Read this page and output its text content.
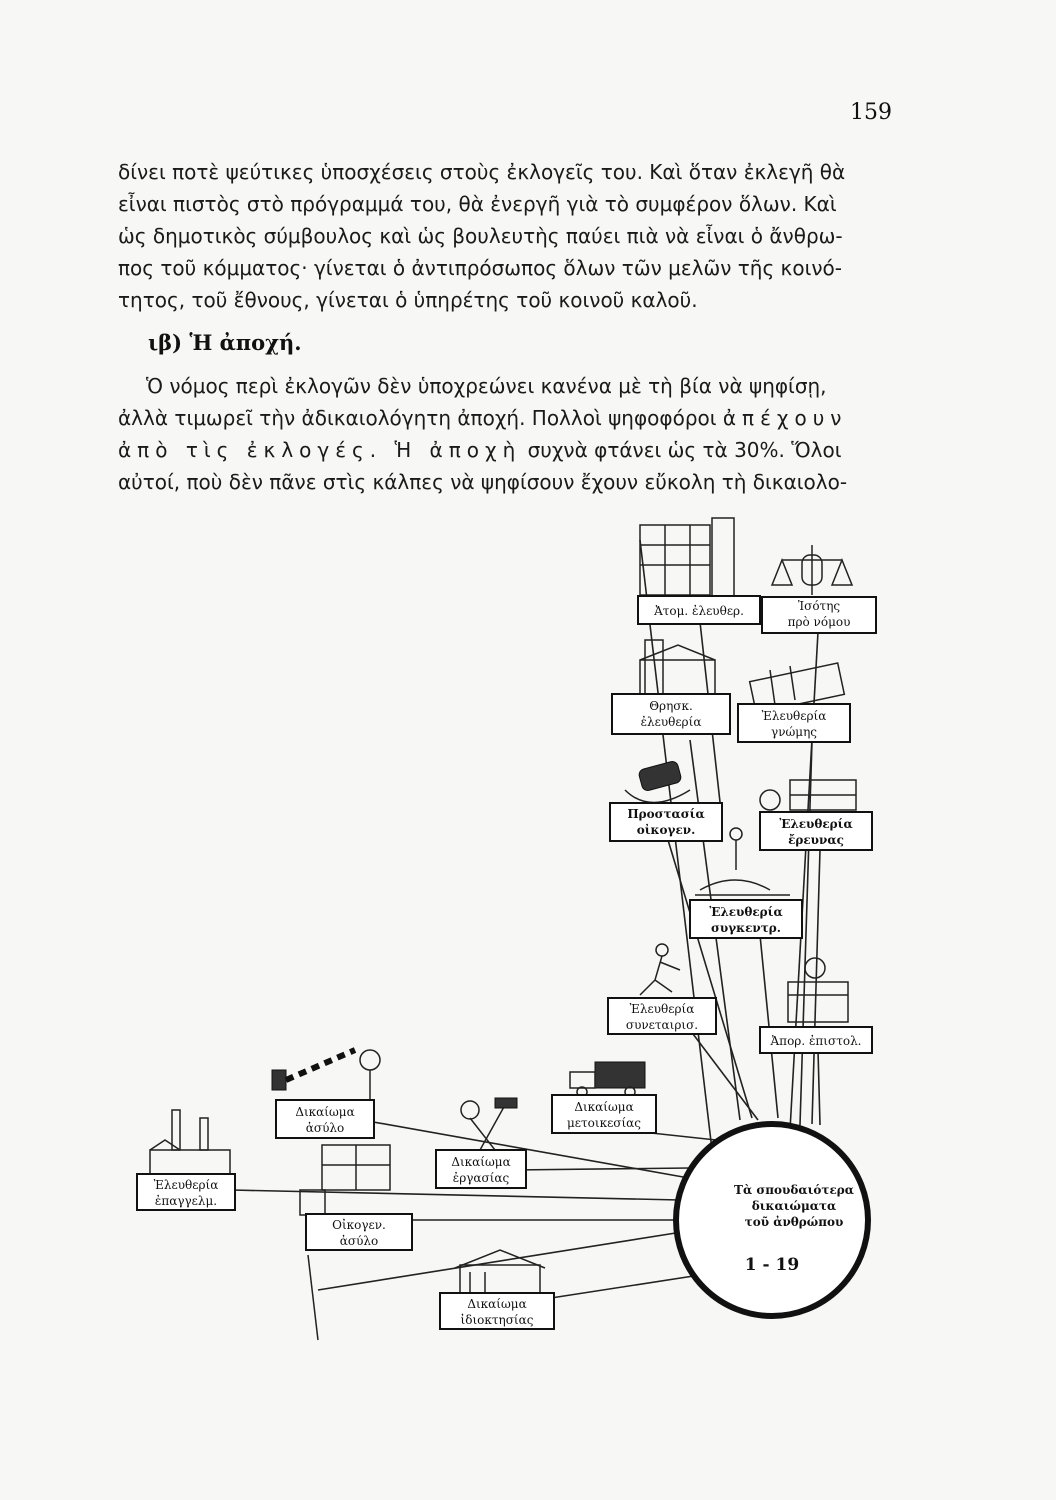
159
δίνει ποτὲ ψεύτικες ὑποσχέσεις στοὺς ἐκλογεῖς του. Καὶ ὅταν ἐκλεγῆ θὰ
εἶναι πιστὸς στὸ πρόγραμμά του, θὰ ἐνεργῆ γιὰ τὸ συμφέρον ὅλων. Καὶ
ὡς δημοτικὸς σύμβουλος καὶ ὡς βουλευτὴς παύει πιὰ νὰ εἶναι ὁ ἄνθρω-
πος τοῦ κόμματος· γίνεται ὁ ἀντιπρόσωπος ὅλων τῶν μελῶν τῆς κοινό-
τητος, τοῦ ἔθνους, γίνεται ὁ ὑπηρέτης τοῦ κοινοῦ καλοῦ.
ιβ) Ἡ ἀποχή.
Ὁ νόμος περὶ ἐκλογῶν δὲν ὑποχρεώνει κανένα μὲ τὴ βία νὰ ψηφίσῃ,
ἀλλὰ τιμωρεῖ τὴν ἀδικαιολόγητη ἀποχή. Πολλοὶ ψηφοφόροι ἀπέχουν
ἀπὸ τὶς ἐκλογές. Ἡ ἀποχὴ συχνὰ φτάνει ὡς τὰ 30%. Ὅλοι
αὐτοί, ποὺ δὲν πᾶνε στὶς κάλπες νὰ ψηφίσουν ἔχουν εὔκολη τὴ δικαιολο-
Τὰ σπουδαιότερα
δικαιώματα
τοῦ ἀνθρώπου
1 - 19
Ἀτομ. ἐλευθερ.	Ἰσότης
πρὸ νόμου
Θρησκ.
ἐλευθερία	Ἐλευθερία
γνώμης
Προστασία
οἰκογεν.	Ἐλευθερία
ἔρευνας
Ἐλευθερία
συγκεντρ.
Ἐλευθερία
συνεταιρισ.
Ἀπορ. ἐπιστολ.
Δικαίωμα
ἀσύλο
Δικαίωμα
μετοικεσίας
Δικαίωμα
ἐργασίας
Ἐλευθερία
ἐπαγγελμ.
Οἰκογεν.
ἀσύλο
Δικαίωμα
ἰδιοκτησίας
